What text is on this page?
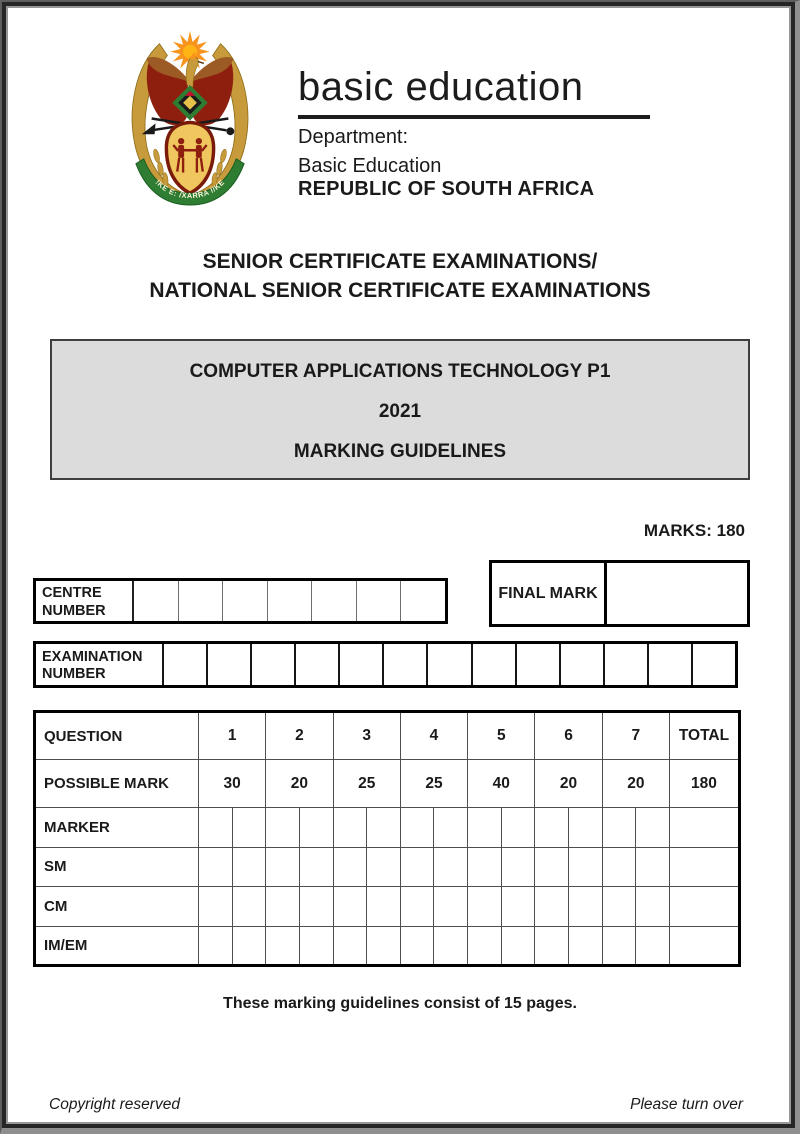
!KE E: /XARRA //KE
basic education
Department:
Basic Education
REPUBLIC OF SOUTH AFRICA
SENIOR CERTIFICATE EXAMINATIONS/
NATIONAL SENIOR CERTIFICATE EXAMINATIONS
COMPUTER APPLICATIONS TECHNOLOGY P1
2021
MARKING GUIDELINES
MARKS: 180
FINAL MARK
CENTRE NUMBER
EXAMINATION NUMBER
QUESTION	1		2		3		4		5		6		7		TOTAL
POSSIBLE MARK	30		20		25		25		40		20		20		180
MARKER															
SM															
CM															
IM/EM															
These marking guidelines consist of 15 pages.
Copyright reserved	Please turn over
